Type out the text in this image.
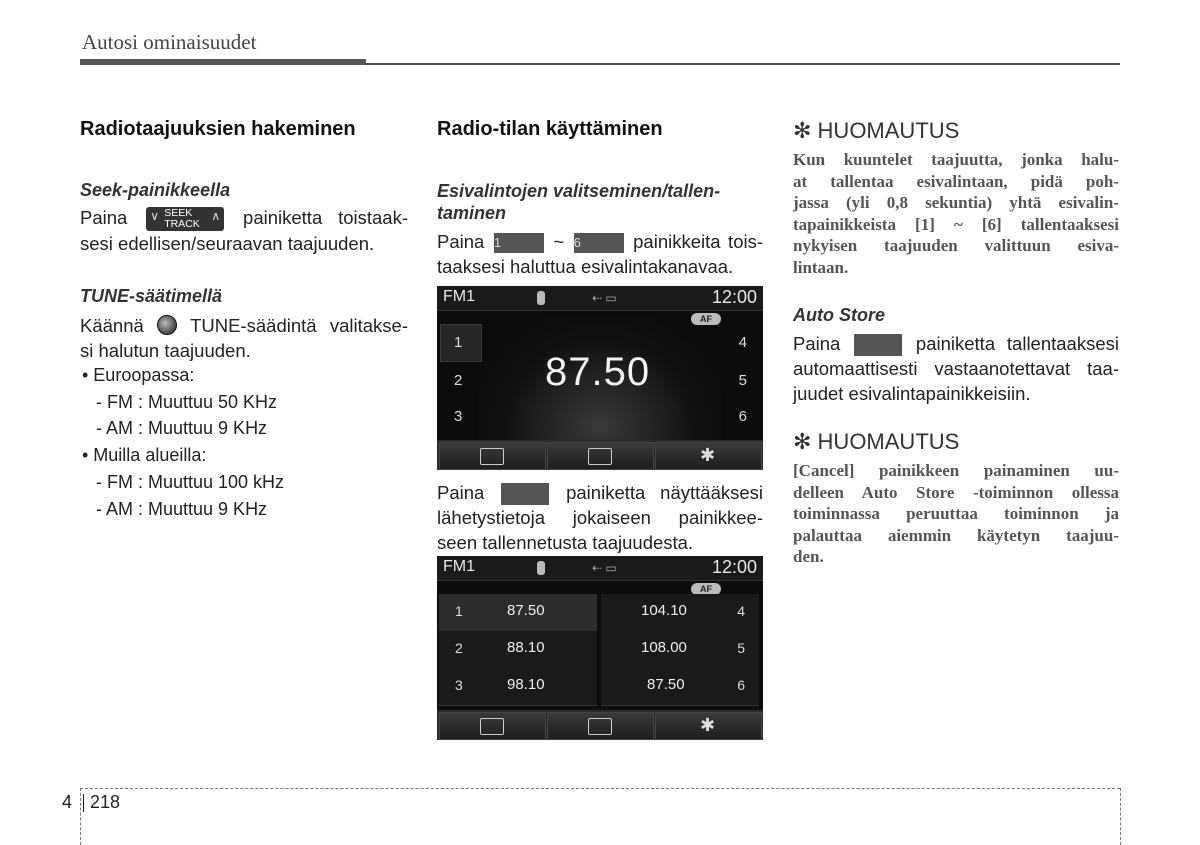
Autosi ominaisuudet
Radiotaajuuksien hakeminen
Seek-painikkeella
Paina ∨ SEEK
TRACK
∧ painiketta toistaak-
sesi edellisen/seuraavan taajuuden.
TUNE-säätimellä
Käännä	TUNE-säädintä valitakse-
si halutun taajuuden.
• Euroopassa:
- FM : Muuttuu 50 KHz
- AM : Muuttuu 9 KHz
• Muilla alueilla:
- FM : Muuttuu 100 kHz
- AM : Muuttuu 9 KHz
Radio-tilan käyttäminen
Esivalintojen valitseminen/tallen-
taminen
Paina 1	~ 6	painikkeita tois-
taaksesi haluttua esivalintakanavaa.
FM1	⇠ ▭	12:00
AF
1
2
3
4
5
6
87.50
✱
Paina	painiketta näyttääksesi
lähetystietoja jokaiseen painikkee-
seen tallennetusta taajuudesta.
FM1	⇠ ▭	12:00
AF
1	87.50
2	88.10
3	98.10
104.10	4
108.00	5
87.50	6
✱
✻ HUOMAUTUS
Kun kuuntelet taajuutta, jonka halu-
at tallentaa esivalintaan, pidä poh-
jassa (yli 0,8 sekuntia) yhtä esivalin-
tapainikkeista [1] ~ [6] tallentaaksesi
nykyisen taajuuden valittuun esiva-
lintaan.
Auto Store
Paina	painiketta tallentaaksesi
automaattisesti vastaanotettavat taa-
juudet esivalintapainikkeisiin.
✻ HUOMAUTUS
[Cancel] painikkeen painaminen uu-
delleen Auto Store -toiminnon ollessa
toiminnassa peruuttaa toiminnon ja
palauttaa aiemmin käytetyn taajuu-
den.
4 218
